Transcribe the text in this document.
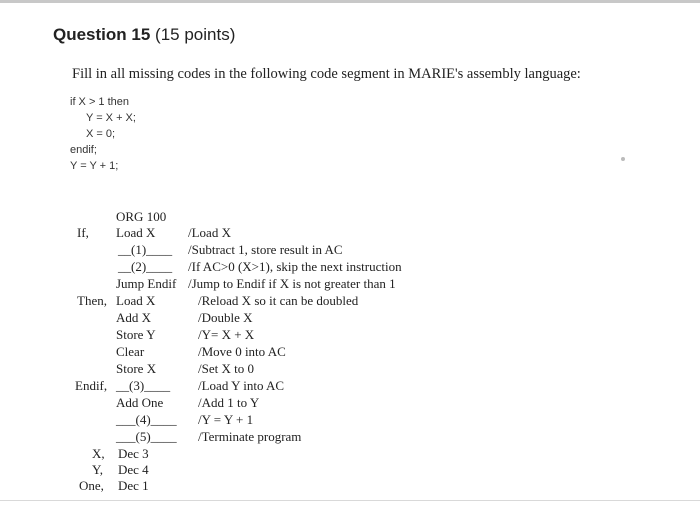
Question 15 (15 points)
Fill in all missing codes in the following code segment in MARIE's assembly language:
if X > 1 then
Y = X + X;
X = 0;
endif;
Y = Y + 1;
ORG 100
If, Load X	/Load X
__(1)____ /Subtract 1, store result in AC
__(2)____ /If AC>0 (X>1), skip the next instruction
Jump Endif /Jump to Endif if X is not greater than 1
Then, Load X	/Reload X so it can be doubled
Add X	/Double X
Store Y	/Y= X + X
Clear	/Move 0 into AC
Store X	/Set X to 0
Endif, __(3)____ /Load Y into AC
Add One	/Add 1 to Y
___(4)____ /Y = Y + 1
___(5)____ /Terminate program
X, Dec 3
Y, Dec 4
One, Dec 1
